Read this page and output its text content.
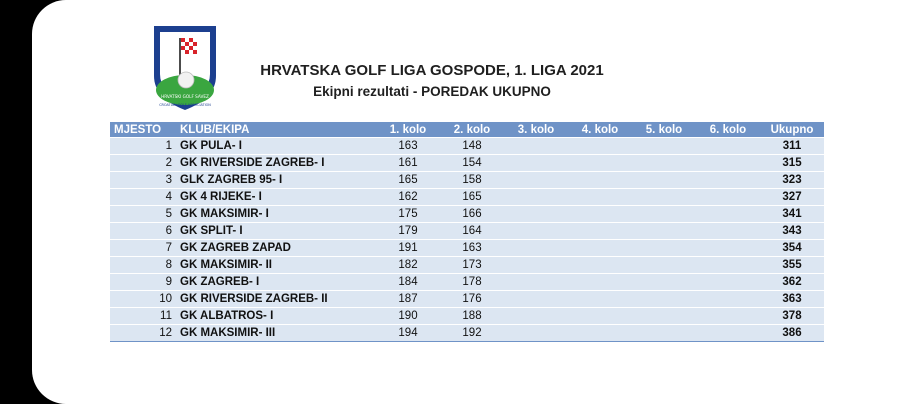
HRVATSKI GOLF SAVEZ
CROATIAN GOLF ASSOCIATION
HRVATSKA GOLF LIGA GOSPODE, 1. LIGA 2021
Ekipni rezultati - POREDAK UKUPNO
MJESTO	KLUB/EKIPA	1. kolo	2. kolo	3. kolo	4. kolo	5. kolo	6. kolo	Ukupno
1	GK PULA- I	163	148					311
2	GK RIVERSIDE ZAGREB- I	161	154					315
3	GLK ZAGREB 95- I	165	158					323
4	GK 4 RIJEKE- I	162	165					327
5	GK MAKSIMIR- I	175	166					341
6	GK SPLIT- I	179	164					343
7	GK ZAGREB ZAPAD	191	163					354
8	GK MAKSIMIR- II	182	173					355
9	GK ZAGREB- I	184	178					362
10	GK RIVERSIDE ZAGREB- II	187	176					363
11	GK ALBATROS- I	190	188					378
12	GK MAKSIMIR- III	194	192					386
